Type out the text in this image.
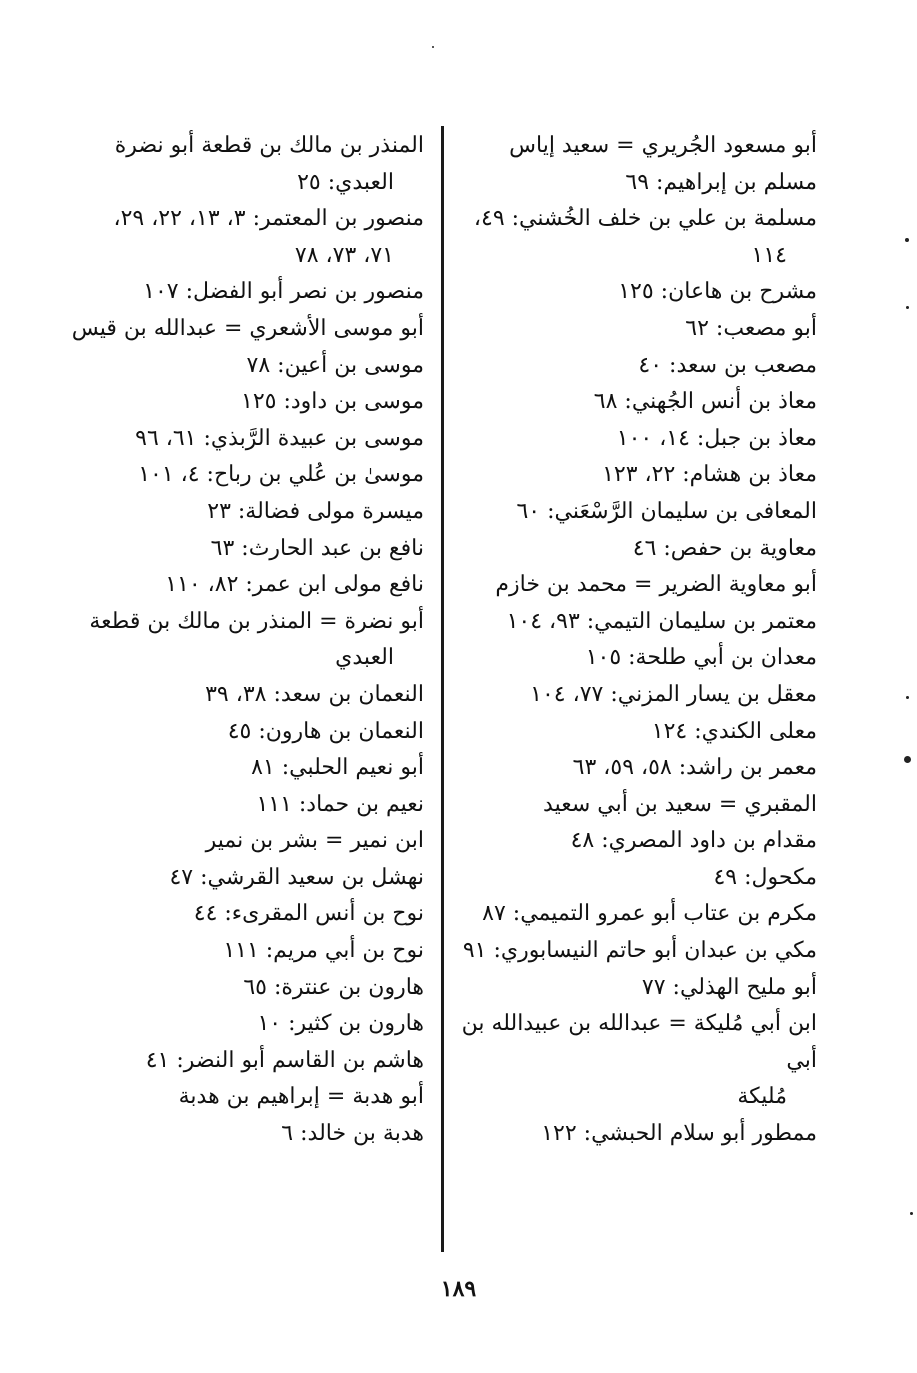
أبو مسعود الجُريري = سعيد إياس

مسلم بن إبراهيم: ٦٩

مسلمة بن علي بن خلف الخُشني: ٤٩،
١١٤

مشرح بن هاعان: ١٢٥

أبو مصعب: ٦٢

مصعب بن سعد: ٤٠

معاذ بن أنس الجُهني: ٦٨

معاذ بن جبل: ١٤، ١٠٠

معاذ بن هشام: ٢٢، ١٢٣

المعافى بن سليمان الرَّسْعَني: ٦٠

معاوية بن حفص: ٤٦

أبو معاوية الضرير = محمد بن خازم

معتمر بن سليمان التيمي: ٩٣، ١٠٤

معدان بن أبي طلحة: ١٠٥

معقل بن يسار المزني: ٧٧، ١٠٤

معلى الكندي: ١٢٤

معمر بن راشد: ٥٨، ٥٩، ٦٣

المقبري = سعيد بن أبي سعيد

مقدام بن داود المصري: ٤٨

مكحول: ٤٩

مكرم بن عتاب أبو عمرو التميمي: ٨٧

مكي بن عبدان أبو حاتم النيسابوري: ٩١

أبو مليح الهذلي: ٧٧

ابن أبي مُليكة = عبدالله بن عبيدالله بن أبي
مُليكة

ممطور أبو سلام الحبشي: ١٢٢

المنذر بن مالك بن قطعة أبو نضرة
العبدي: ٢٥

منصور بن المعتمر: ٣، ١٣، ٢٢، ٢٩،
٧١، ٧٣، ٧٨

منصور بن نصر أبو الفضل: ١٠٧

أبو موسى الأشعري = عبدالله بن قيس

موسى بن أعين: ٧٨

موسى بن داود: ١٢٥

موسى بن عبيدة الرَّبذي: ٦١، ٩٦

موسىٰ بن عُلي بن رباح: ٤، ١٠١

ميسرة مولى فضالة: ٢٣

نافع بن عبد الحارث: ٦٣

نافع مولى ابن عمر: ٨٢، ١١٠

أبو نضرة = المنذر بن مالك بن قطعة
العبدي

النعمان بن سعد: ٣٨، ٣٩

النعمان بن هارون: ٤٥

أبو نعيم الحلبي: ٨١

نعيم بن حماد: ١١١

ابن نمير = بشر بن نمير

نهشل بن سعيد القرشي: ٤٧

نوح بن أنس المقرىء: ٤٤

نوح بن أبي مريم: ١١١

هارون بن عنترة: ٦٥

هارون بن كثير: ١٠

هاشم بن القاسم أبو النضر: ٤١

أبو هدبة = إبراهيم بن هدبة

هدبة بن خالد: ٦

١٨٩
